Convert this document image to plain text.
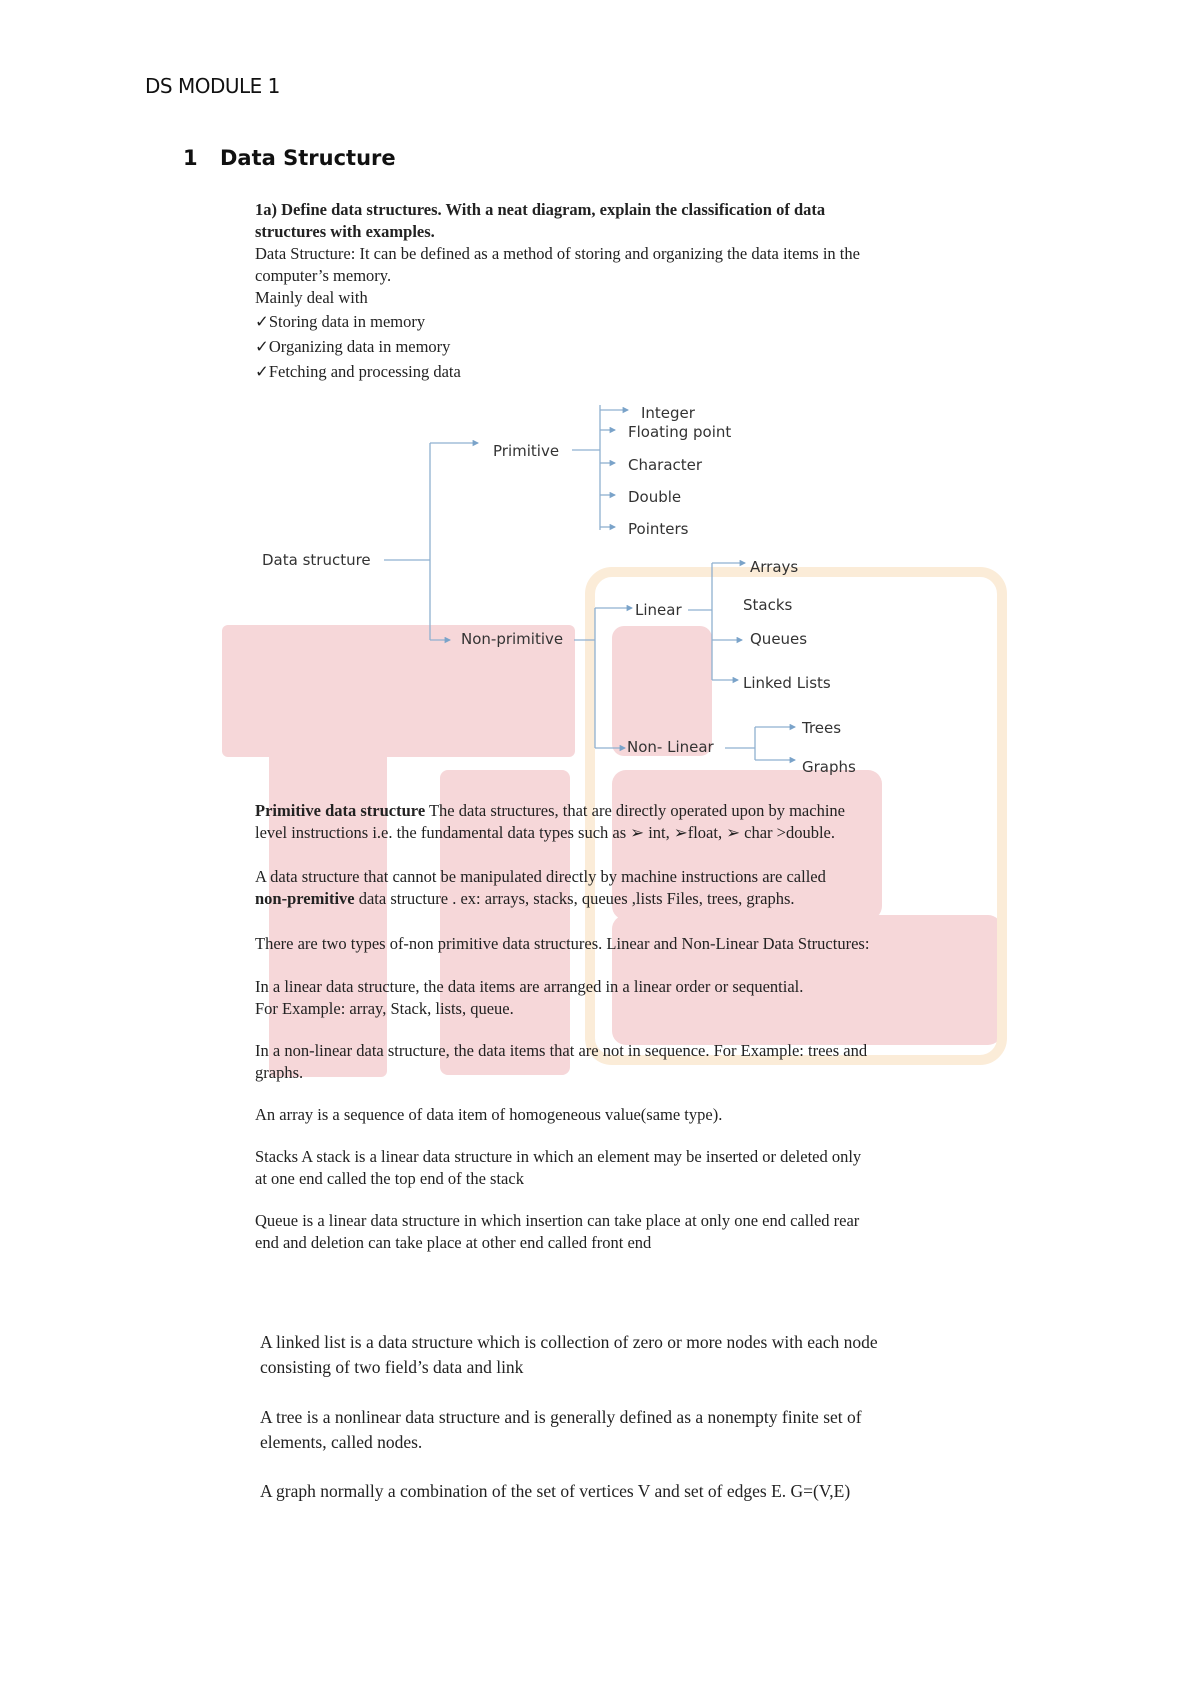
DS MODULE 1
1 Data Structure
1a) Define data structures. With a neat diagram, explain the classification of data
structures with examples.
Data Structure: It can be defined as a method of storing and organizing the data items in the
computer’s memory.
Mainly deal with
✓Storing data in memory
✓Organizing data in memory
✓Fetching and processing data
Data structure
Primitive
Non-primitive
Integer
Floating point
Character
Double
Pointers
Linear
Non- Linear
Arrays
Stacks
Queues
Linked Lists
Trees
Graphs
Primitive data structure The data structures, that are directly operated upon by machine
level instructions i.e. the fundamental data types such as ➢ int, ➢float, ➢ char >double.
A data structure that cannot be manipulated directly by machine instructions are called
non-premitive data structure . ex: arrays, stacks, queues ,lists Files, trees, graphs.
There are two types of-non primitive data structures. Linear and Non-Linear Data Structures:
In a linear data structure, the data items are arranged in a linear order or sequential.
For Example: array, Stack, lists, queue.
In a non-linear data structure, the data items that are not in sequence. For Example: trees and
graphs.
An array is a sequence of data item of homogeneous value(same type).
Stacks A stack is a linear data structure in which an element may be inserted or deleted only
at one end called the top end of the stack
Queue is a linear data structure in which insertion can take place at only one end called rear
end and deletion can take place at other end called front end
A linked list is a data structure which is collection of zero or more nodes with each node
consisting of two field’s data and link
A tree is a nonlinear data structure and is generally defined as a nonempty finite set of
elements, called nodes.
A graph normally a combination of the set of vertices V and set of edges E. G=(V,E)
